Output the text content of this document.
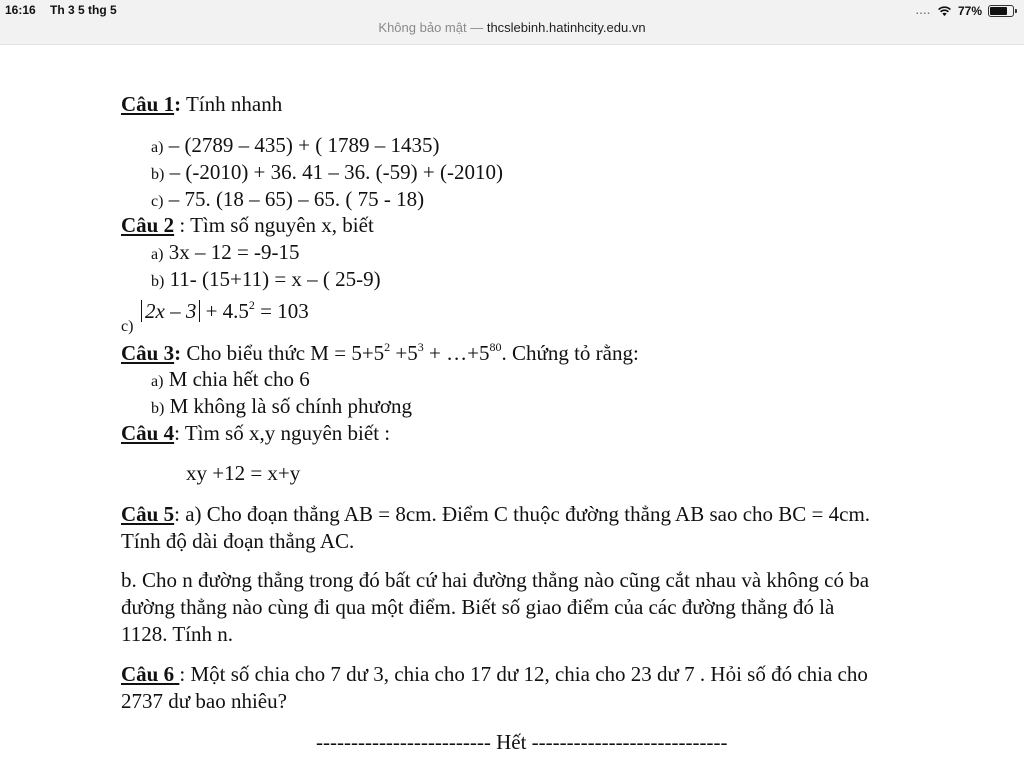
16:16 Th 3 5 thg 5	.... 77%
Không bảo mật — thcslebinh.hatinhcity.edu.vn
Câu 1: Tính nhanh
a) – (2789 – 435) + ( 1789 – 1435)
b) – (-2010) + 36. 41 – 36. (-59) + (-2010)
c) – 75. (18 – 65) – 65. ( 75 - 18)
Câu 2 : Tìm số nguyên x, biết
a) 3x – 12 = -9-15
b) 11- (15+11) = x – ( 25-9)
c)
$2x - 3 + 4.5^2 = 103$
Câu 3: Cho biểu thức $M = 5+5^2 +5^3$ + $\dots+5^{80}$. Chứng tỏ rằng:
a) M chia hết cho 6
b) M không là số chính phương
Câu 4: Tìm số x,y nguyên biết :
xy +12 = x+y
Câu 5: a) Cho đoạn thẳng AB = 8cm. Điểm C thuộc đường thẳng AB sao cho BC = 4cm.
Tính độ dài đoạn thẳng AC.
b. Cho n đường thẳng trong đó bất cứ hai đường thẳng nào cũng cắt nhau và không có ba
đường thẳng nào cùng đi qua một điểm. Biết số giao điểm của các đường thẳng đó là
1128. Tính n.
Câu 6 : Một số chia cho 7 dư 3, chia cho 17 dư 12, chia cho 23 dư 7 . Hỏi số đó chia cho
2737 dư bao nhiêu?
------------------------- Hết ----------------------------
